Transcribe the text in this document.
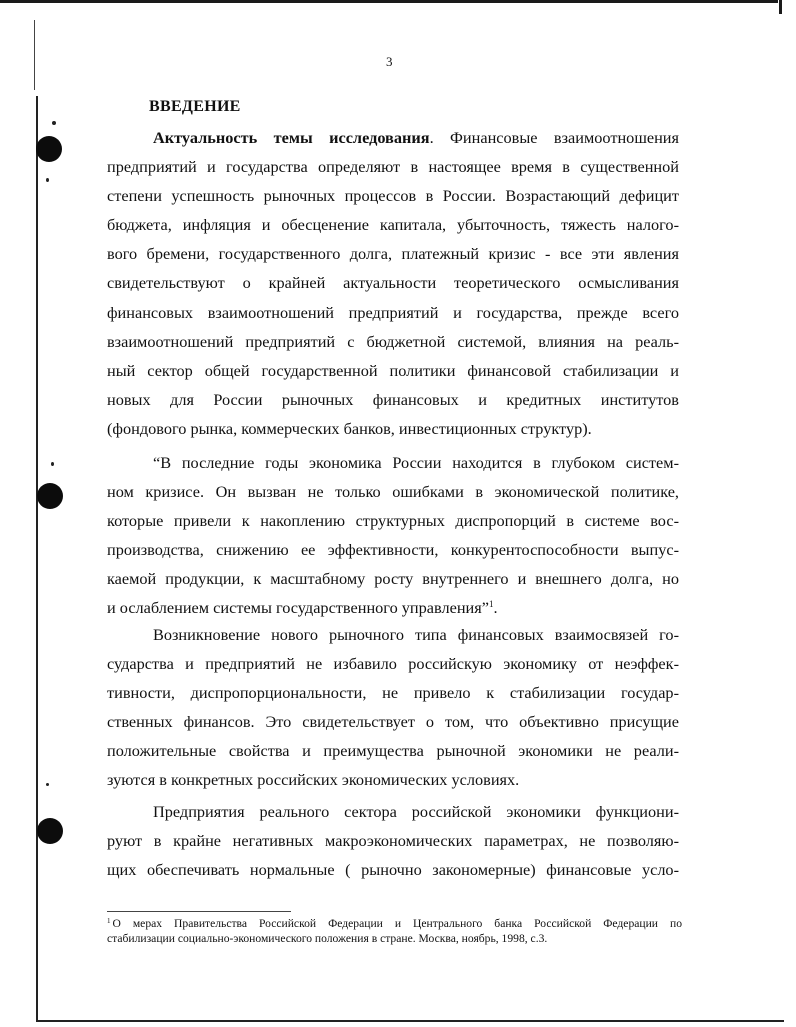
3
ВВЕДЕНИЕ
Актуальность темы исследования. Финансовые взаимоотношения
предприятий и государства определяют в настоящее время в существенной
степени успешность рыночных процессов в России. Возрастающий дефицит
бюджета, инфляция и обесценение капитала, убыточность, тяжесть налого-
вого бремени, государственного долга, платежный кризис - все эти явления
свидетельствуют о крайней актуальности теоретического осмысливания
финансовых взаимоотношений предприятий и государства, прежде всего
взаимоотношений предприятий с бюджетной системой, влияния на реаль-
ный сектор общей государственной политики финансовой стабилизации и
новых для России рыночных финансовых и кредитных институтов
(фондового рынка, коммерческих банков, инвестиционных структур).
“В последние годы экономика России находится в глубоком систем-
ном кризисе. Он вызван не только ошибками в экономической политике,
которые привели к накоплению структурных диспропорций в системе вос-
производства, снижению ее эффективности, конкурентоспособности выпус-
каемой продукции, к масштабному росту внутреннего и внешнего долга, но
и ослаблением системы государственного управления”$^1$.
Возникновение нового рыночного типа финансовых взаимосвязей го-
сударства и предприятий не избавило российскую экономику от неэффек-
тивности, диспропорциональности, не привело к стабилизации государ-
ственных финансов. Это свидетельствует о том, что объективно присущие
положительные свойства и преимущества рыночной экономики не реали-
зуются в конкретных российских экономических условиях.
Предприятия реального сектора российской экономики функциони-
руют в крайне негативных макроэкономических параметрах, не позволяю-
щих обеспечивать нормальные ( рыночно закономерные) финансовые усло-
$^1$ О мерах Правительства Российской Федерации и Центрального банка Российской Федерации по
стабилизации социально-экономического положения в стране. Москва, ноябрь, 1998, с.3.
